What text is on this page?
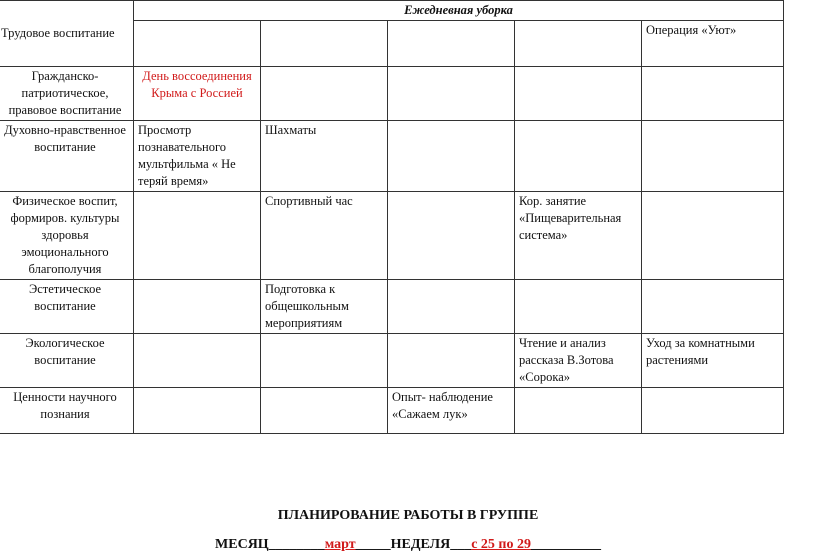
Трудовое воспитание	Ежедневная уборка				
					Операция «Уют»
Гражданско-патриотическое, правовое воспитание	День воссоединения Крыма с Россией				
Духовно-нравственное воспитание	Просмотр познавательного мультфильма « Не теряй время»	Шахматы			
Физическое воспит, формиров. культуры здоровья эмоционального благополучия		Спортивный час		Кор. занятие «Пищеварительная система»	
Эстетическое воспитание		Подготовка к общешкольным мероприятиям			
Экологическое воспитание				Чтение и анализ рассказа В.Зотова «Сорока»	Уход за комнатными растениями
Ценности научного познания			Опыт- наблюдение «Сажаем лук»		
ПЛАНИРОВАНИЕ РАБОТЫ В ГРУППЕ
МЕСЯЦ________март_____НЕДЕЛЯ___с 25 по 29__________
